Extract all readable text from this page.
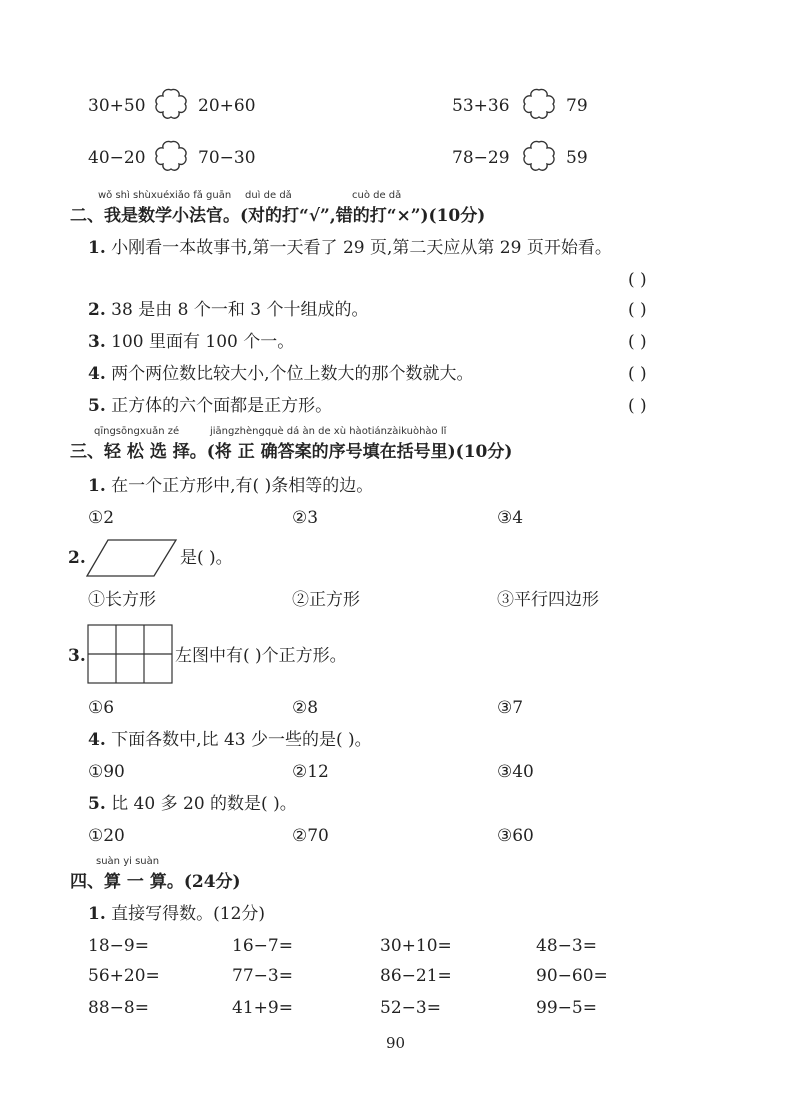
30+50	20+60	53+36	79
40−20	70−30	78−29	59
wǒ shì shùxuéxiǎo fǎ guān duì de dǎ	cuò de dǎ
二、我是数学小法官。(对的打“√”,错的打“×”)(10分)
1. 小刚看一本故事书,第一天看了 29 页,第二天应从第 29 页开始看。
( )
2. 38 是由 8 个一和 3 个十组成的。	( )
3. 100 里面有 100 个一。	( )
4. 两个两位数比较大小,个位上数大的那个数就大。	( )
5. 正方体的六个面都是正方形。	( )
qīngsōngxuǎn zé	jiāngzhèngquè dá àn de xù hàotiánzàikuòhào lǐ
三、轻 松 选 择。(将 正 确答案的序号填在括号里)(10分)
1. 在一个正方形中,有( )条相等的边。
①2	②3	③4
2.	是( )。
①长方形	②正方形	③平行四边形
3.	左图中有( )个正方形。
①6	②8	③7
4. 下面各数中,比 43 少一些的是( )。
①90	②12	③40
5. 比 40 多 20 的数是( )。
①20	②70	③60
suàn yi suàn
四、算 一 算。(24分)
1. 直接写得数。(12分)
18−9=	16−7=	30+10=	48−3=
56+20=	77−3=	86−21=	90−60=
88−8=	41+9=	52−3=	99−5=
90
